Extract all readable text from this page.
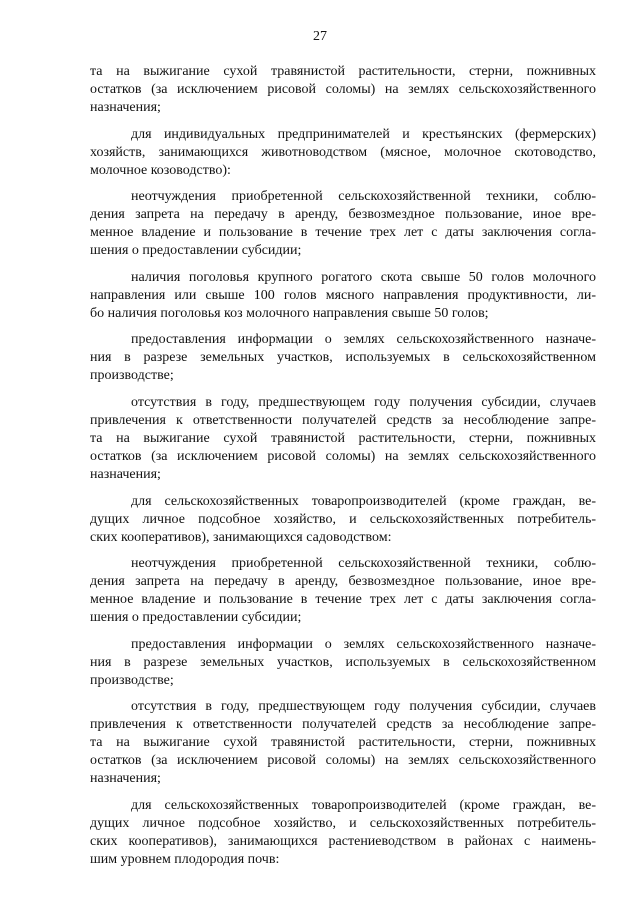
27

та на выжигание сухой травянистой растительности, стерни, пожнивных
остатков (за исключением рисовой соломы) на землях сельскохозяйственного
назначения;

для индивидуальных предпринимателей и крестьянских (фермерских)
хозяйств, занимающихся животноводством (мясное, молочное скотоводство,
молочное козоводство):

неотчуждения приобретенной сельскохозяйственной техники, соблю-
дения запрета на передачу в аренду, безвозмездное пользование, иное вре-
менное владение и пользование в течение трех лет с даты заключения согла-
шения о предоставлении субсидии;

наличия поголовья крупного рогатого скота свыше 50 голов молочного
направления или свыше 100 голов мясного направления продуктивности, ли-
бо наличия поголовья коз молочного направления свыше 50 голов;

предоставления информации о землях сельскохозяйственного назначе-
ния в разрезе земельных участков, используемых в сельскохозяйственном
производстве;

отсутствия в году, предшествующем году получения субсидии, случаев
привлечения к ответственности получателей средств за несоблюдение запре-
та на выжигание сухой травянистой растительности, стерни, пожнивных
остатков (за исключением рисовой соломы) на землях сельскохозяйственного
назначения;

для сельскохозяйственных товаропроизводителей (кроме граждан, ве-
дущих личное подсобное хозяйство, и сельскохозяйственных потребитель-
ских кооперативов), занимающихся садоводством:

неотчуждения приобретенной сельскохозяйственной техники, соблю-
дения запрета на передачу в аренду, безвозмездное пользование, иное вре-
менное владение и пользование в течение трех лет с даты заключения согла-
шения о предоставлении субсидии;

предоставления информации о землях сельскохозяйственного назначе-
ния в разрезе земельных участков, используемых в сельскохозяйственном
производстве;

отсутствия в году, предшествующем году получения субсидии, случаев
привлечения к ответственности получателей средств за несоблюдение запре-
та на выжигание сухой травянистой растительности, стерни, пожнивных
остатков (за исключением рисовой соломы) на землях сельскохозяйственного
назначения;

для сельскохозяйственных товаропроизводителей (кроме граждан, ве-
дущих личное подсобное хозяйство, и сельскохозяйственных потребитель-
ских кооперативов), занимающихся растениеводством в районах с наимень-
шим уровнем плодородия почв:
